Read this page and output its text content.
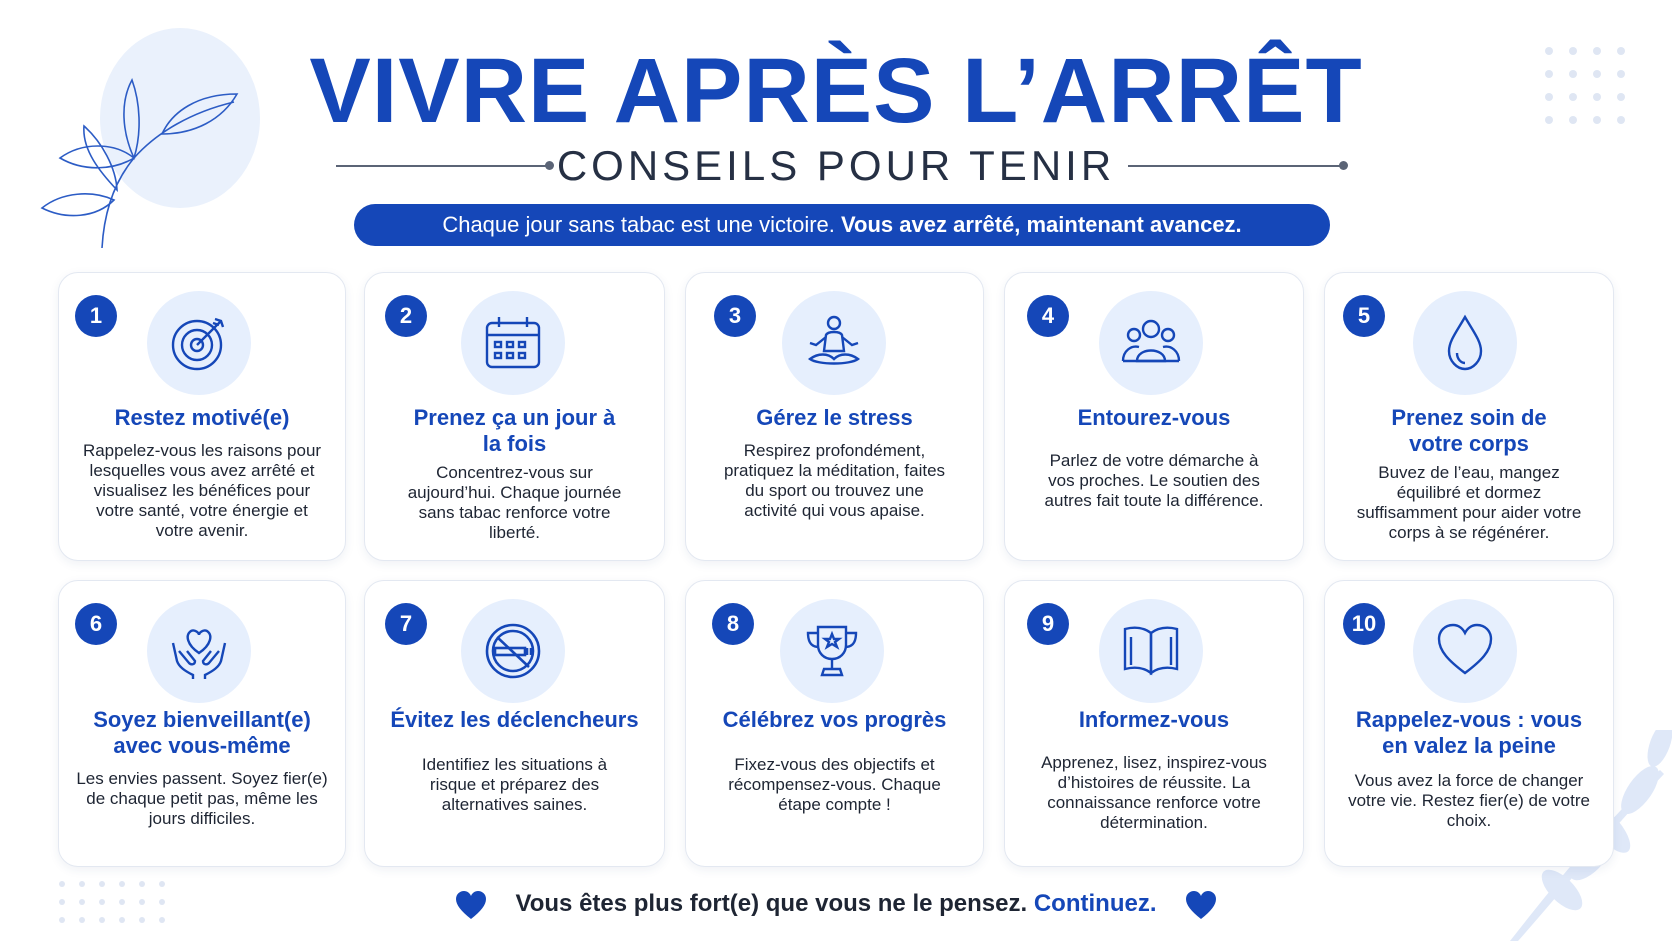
VIVRE APRÈS L’ARRÊT
CONSEILS POUR TENIR
Chaque jour sans tabac est une victoire. Vous avez arrêté, maintenant avancez.
1
Restez motivé(e)
Rappelez-vous les raisons pour lesquelles vous avez arrêté et visualisez les bénéfices pour votre santé, votre énergie et votre avenir.
2
Prenez ça un jour à la fois
Concentrez-vous sur aujourd’hui. Chaque journée sans tabac renforce votre liberté.
3
Gérez le stress
Respirez profondément, pratiquez la méditation, faites du sport ou trouvez une activité qui vous apaise.
4
Entourez-vous
Parlez de votre démarche à vos proches. Le soutien des autres fait toute la différence.
5
Prenez soin de votre corps
Buvez de l’eau, mangez équilibré et dormez suffisamment pour aider votre corps à se régénérer.
6
Soyez bienveillant(e) avec vous-même
Les envies passent. Soyez fier(e) de chaque petit pas, même les jours difficiles.
7
Évitez les déclencheurs
Identifiez les situations à risque et préparez des alternatives saines.
8
Célébrez vos progrès
Fixez-vous des objectifs et récompensez-vous. Chaque étape compte !
9
Informez-vous
Apprenez, lisez, inspirez-vous d’histoires de réussite. La connaissance renforce votre détermination.
10
Rappelez-vous : vous en valez la peine
Vous avez la force de changer votre vie. Restez fier(e) de votre choix.
Vous êtes plus fort(e) que vous ne le pensez. Continuez.
